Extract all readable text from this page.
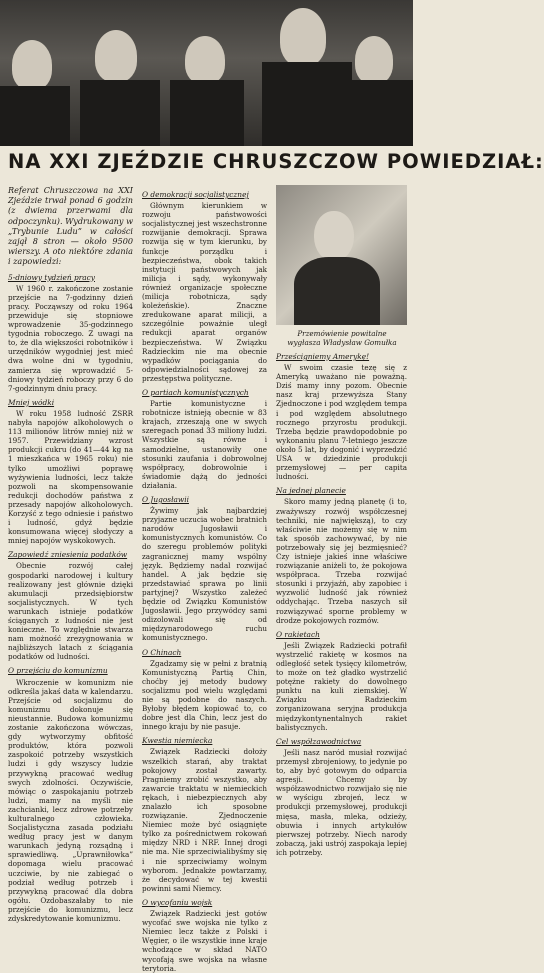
NA XXI ZJEŹDZIE CHRUSZCZOW POWIEDZIAŁ:
Referat Chruszczowa na XXI Zjeździe trwał ponad 6 godzin (z dwiema przerwami dla odpoczynku). Wydrukowany w „Trybunie Ludu” w całości zajął 8 stron — około 9500 wierszy. A oto niektóre zdania i zapowiedzi:
5-dniowy tydzień pracy

W 1960 r. zakończone zostanie przejście na 7-godzinny dzień pracy. Począwszy od roku 1964 przewiduje się stopniowe wprowadzenie 35-godzinnego tygodnia roboczego. Z uwagi na to, że dla większości robotników i urzędników wygodniej jest mieć dwa wolne dni w tygodniu, zamierza się wprowadzić 5-dniowy tydzień roboczy przy 6 do 7-godzinnym dniu pracy.

Mniej wódki

W roku 1958 ludność ZSRR nabyła napojów alkoholowych o 113 milionów litrów mniej niż w 1957. Przewidziany wzrost produkcji cukru (do 41—44 kg na 1 mieszkańca w 1965 roku) nie tylko umożliwi poprawę wyżywienia ludności, lecz także pozwoli na skompensowanie redukcji dochodów państwa z przesady napojów alkoholowych. Korzyść z tego odniesie i państwo i ludność, gdyż będzie konsumowana więcej słodyczy a mniej napojów wyskokowych.

Zapowiedź zniesienia podatków

Obecnie rozwój całej gospodarki narodowej i kultury realizowany jest głównie dzięki akumulacji przedsiębiorstw socjalistycznych. W tych warunkach istnieje podatków ściąganych z ludności nie jest konieczne. To względnie stwarza nam możność zrezygnowania w najbliższych latach z ściągania podatków od ludności.

O przejściu do komunizmu

Wkroczenie w komunizm nie odkreśla jakaś data w kalendarzu. Przejście od socjalizmu do komunizmu dokonuje się nieustannie. Budowa komunizmu zostanie zakończona wówczas, gdy wytworzymy obfitość produktów, która pozwoli zaspokoić potrzeby wszystkich ludzi i gdy wszyscy ludzie przywykną pracować według swych zdolności. Oczywiście, mówiąc o zaspokajaniu potrzeb ludzi, mamy na myśli nie zachcianki, lecz zdrowe potrzeby kulturalnego człowieka. Socjalistyczna zasada podziału według pracy jest w danym warunkach jedyną rozsądną i sprawiedliwą. „Uprawniłowka” dopomaga wielu pracować uczciwie, by nie zabiegać o podział według potrzeb i przywykną pracować dla dobra ogółu. Ozdobaszałaby to nie przejście do komunizmu, lecz zdyskredytowanie komunizmu.

O demokracji socjalistycznej

Głównym kierunkiem w rozwoju państwowości socjalistycznej jest wszechstronne rozwijanie demokracji. Sprawa rozwija się w tym kierunku, by funkcje porządku i bezpieczeństwa, obok takich instytucji państwowych jak milicja i sądy, wykonywały również organizacje społeczne (milicja robotnicza, sądy koleżeńskie). Znaczne zredukowane aparat milicji, a szczególnie poważnie uległ redukcji aparat organów bezpieczeństwa. W Związku Radzieckim nie ma obecnie wypadków pociągania do odpowiedzialności sądowej za przestępstwa polityczne.

O partiach komunistycznych

Partie komunistyczne i robotnicze istnieją obecnie w 83 krajach, zrzeszają one w swych szeregach ponad 33 miliony ludzi. Wszystkie są równe i samodzielne, ustanowiły one stosunki zaufania i dobrowolnej współpracy, dobrowolnie i świadomie dążą do jedności działania.

O Jugosławii

Żywimy jak najbardziej przyjazne uczucia wobec bratnich narodów Jugosławii i komunistycznych komunistów. Co do szeregu problemów polityki zagranicznej mamy wspólny język. Będziemy nadal rozwijać handel. A jak będzie się przedstawiać sprawa po linii partyjnej? Wszystko zależeć będzie od Związku Komunistów Jugosławii. Jego przywódcy sami odizolowali się od międzynarodowego ruchu komunistycznego.

O Chinach

Zgadzamy się w pełni z bratnią Komunistyczną Partią Chin, choćby jej metody budowy socjalizmu pod wielu względami nie są podobne do naszych. Byłoby błędem kopiować to, co dobre jest dla Chin, lecz jest do innego kraju by nie pasuje.

Kwestia niemiecka

Związek Radziecki dołoży wszelkich starań, aby traktat pokojowy został zawarty. Pragniemy zrobić wszystko, aby zawarcie traktatu w niemieckich rękach, i niebezpiecznych aby znalazło ich sposobne rozwiązanie. Zjednoczenie Niemiec może być osiągnięte tylko za pośrednictwem rokowań między NRD i NRF. Innej drogi nie ma. Nie sprzeciwialibyśmy się i nie sprzeciwiamy wolnym wyborom. Jednakże powtarzamy, że decydować w tej kwestii powinni sami Niemcy.

O wycofaniu wojsk

Związek Radziecki jest gotów wycofać swe wojska nie tylko z Niemiec lecz także z Polski i Węgier, o ile wszystkie inne kraje wchodzące w skład NATO wycofają swe wojska na własne terytoria.

Przemówienie powitalne wygłasza Władysław Gomułka
Prześcigniemy Amerykę!

W swoim czasie tezę się z Ameryką uważano nie poważną. Dziś mamy inny pozom. Obecnie nasz kraj przewyższa Stany Zjednoczone i pod względem tempa i pod względem absolutnego rocznego przyrostu produkcji. Trzeba będzie prawdopodobnie po wykonaniu planu 7-letniego jeszcze około 5 lat, by dogonić i wyprzedzić USA w dziedzinie produkcji przemysłowej — per capita ludności.

Na jednej planecie

Skoro mamy jedną planetę (i to, zważywszy rozwój współczesnej techniki, nie największą), to czy właściwie nie możemy się w nim tak sposób zachowywać, by nie potrzebowały się jej bezmięsnieć? Czy istnieje jakieś inne właściwe rozwiązanie aniżeli to, że pokojowa współpraca. Trzeba rozwijać stosunki i przyjaźń, aby zapobiec i wyzwolić ludność jak również oddychając. Trzeba naszych sił rozwiązywać sporne problemy w drodze pokojowych rozmów.

O rakietach

Jeśli Związek Radziecki potrafił wystrzelić rakietę w kosmos na odległość setek tysięcy kilometrów, to może on też gładko wystrzelić potężne rakiety do dowolnego punktu na kuli ziemskiej. W Związku Radzieckim zorganizowana seryjna produkcja międzykontynentalnych rakiet balistycznych.

Cel współzawodnictwa

Jeśli nasz naród musiał rozwijać przemysł zbrojeniowy, to jedynie po to, aby być gotowym do odparcia agresji. Chcemy by współzawodnictwo rozwijało się nie w wyścigu zbrojeń, lecz w produkcji przemysłowej, produkcji mięsa, masła, mleka, odzieży, obuwia i innych artykułów pierwszej potrzeby. Niech narody zobaczą, jaki ustrój zaspokaja lepiej ich potrzeby.
